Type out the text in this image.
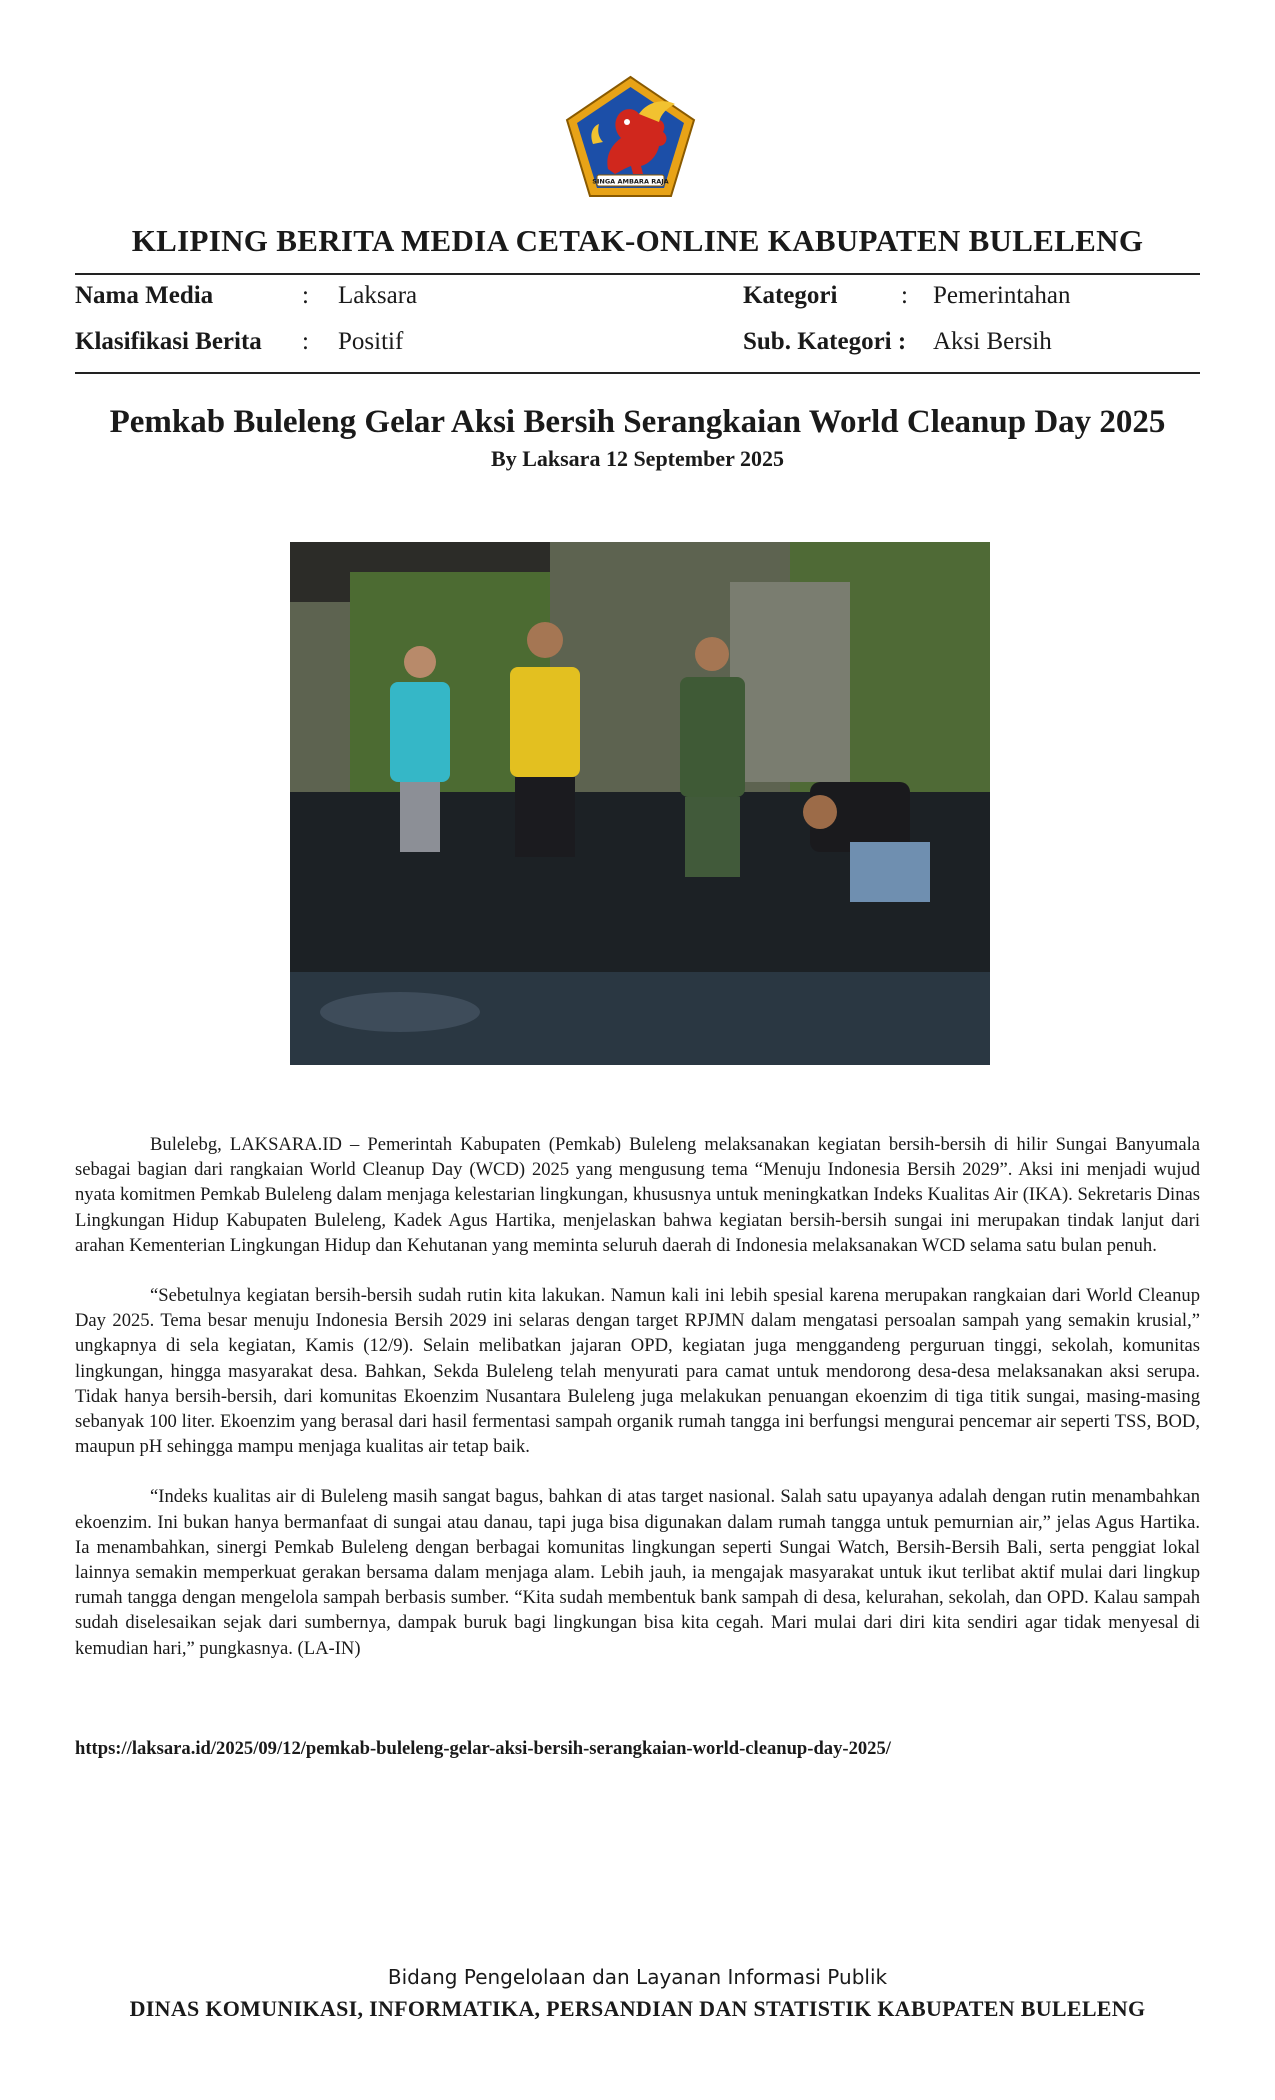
SINGA AMBARA RAJA
KLIPING BERITA MEDIA CETAK-ONLINE KABUPATEN BULELENG
Nama Media	: Laksara	Kategori	: Pemerintahan
Klasifikasi Berita : Positif	Sub. Kategori : Aksi Bersih
Pemkab Buleleng Gelar Aksi Bersih Serangkaian World Cleanup Day 2025
By Laksara 12 September 2025

Bulelebg, LAKSARA.ID – Pemerintah Kabupaten (Pemkab) Buleleng melaksanakan kegiatan bersih-bersih di hilir Sungai Banyumala sebagai bagian dari rangkaian World Cleanup Day (WCD) 2025 yang mengusung tema “Menuju Indonesia Bersih 2029”. Aksi ini menjadi wujud nyata komitmen Pemkab Buleleng dalam menjaga kelestarian lingkungan, khususnya untuk meningkatkan Indeks Kualitas Air (IKA). Sekretaris Dinas Lingkungan Hidup Kabupaten Buleleng, Kadek Agus Hartika, menjelaskan bahwa kegiatan bersih-bersih sungai ini merupakan tindak lanjut dari arahan Kementerian Lingkungan Hidup dan Kehutanan yang meminta seluruh daerah di Indonesia melaksanakan WCD selama satu bulan penuh.

“Sebetulnya kegiatan bersih-bersih sudah rutin kita lakukan. Namun kali ini lebih spesial karena merupakan rangkaian dari World Cleanup Day 2025. Tema besar menuju Indonesia Bersih 2029 ini selaras dengan target RPJMN dalam mengatasi persoalan sampah yang semakin krusial,” ungkapnya di sela kegiatan, Kamis (12/9). Selain melibatkan jajaran OPD, kegiatan juga menggandeng perguruan tinggi, sekolah, komunitas lingkungan, hingga masyarakat desa. Bahkan, Sekda Buleleng telah menyurati para camat untuk mendorong desa-desa melaksanakan aksi serupa. Tidak hanya bersih-bersih, dari komunitas Ekoenzim Nusantara Buleleng juga melakukan penuangan ekoenzim di tiga titik sungai, masing-masing sebanyak 100 liter. Ekoenzim yang berasal dari hasil fermentasi sampah organik rumah tangga ini berfungsi mengurai pencemar air seperti TSS, BOD, maupun pH sehingga mampu menjaga kualitas air tetap baik.

“Indeks kualitas air di Buleleng masih sangat bagus, bahkan di atas target nasional. Salah satu upayanya adalah dengan rutin menambahkan ekoenzim. Ini bukan hanya bermanfaat di sungai atau danau, tapi juga bisa digunakan dalam rumah tangga untuk pemurnian air,” jelas Agus Hartika. Ia menambahkan, sinergi Pemkab Buleleng dengan berbagai komunitas lingkungan seperti Sungai Watch, Bersih-Bersih Bali, serta penggiat lokal lainnya semakin memperkuat gerakan bersama dalam menjaga alam. Lebih jauh, ia mengajak masyarakat untuk ikut terlibat aktif mulai dari lingkup rumah tangga dengan mengelola sampah berbasis sumber. “Kita sudah membentuk bank sampah di desa, kelurahan, sekolah, dan OPD. Kalau sampah sudah diselesaikan sejak dari sumbernya, dampak buruk bagi lingkungan bisa kita cegah. Mari mulai dari diri kita sendiri agar tidak menyesal di kemudian hari,” pungkasnya. (LA-IN)

https://laksara.id/2025/09/12/pemkab-buleleng-gelar-aksi-bersih-serangkaian-world-cleanup-day-2025/
Bidang Pengelolaan dan Layanan Informasi Publik
DINAS KOMUNIKASI, INFORMATIKA, PERSANDIAN DAN STATISTIK KABUPATEN BULELENG
